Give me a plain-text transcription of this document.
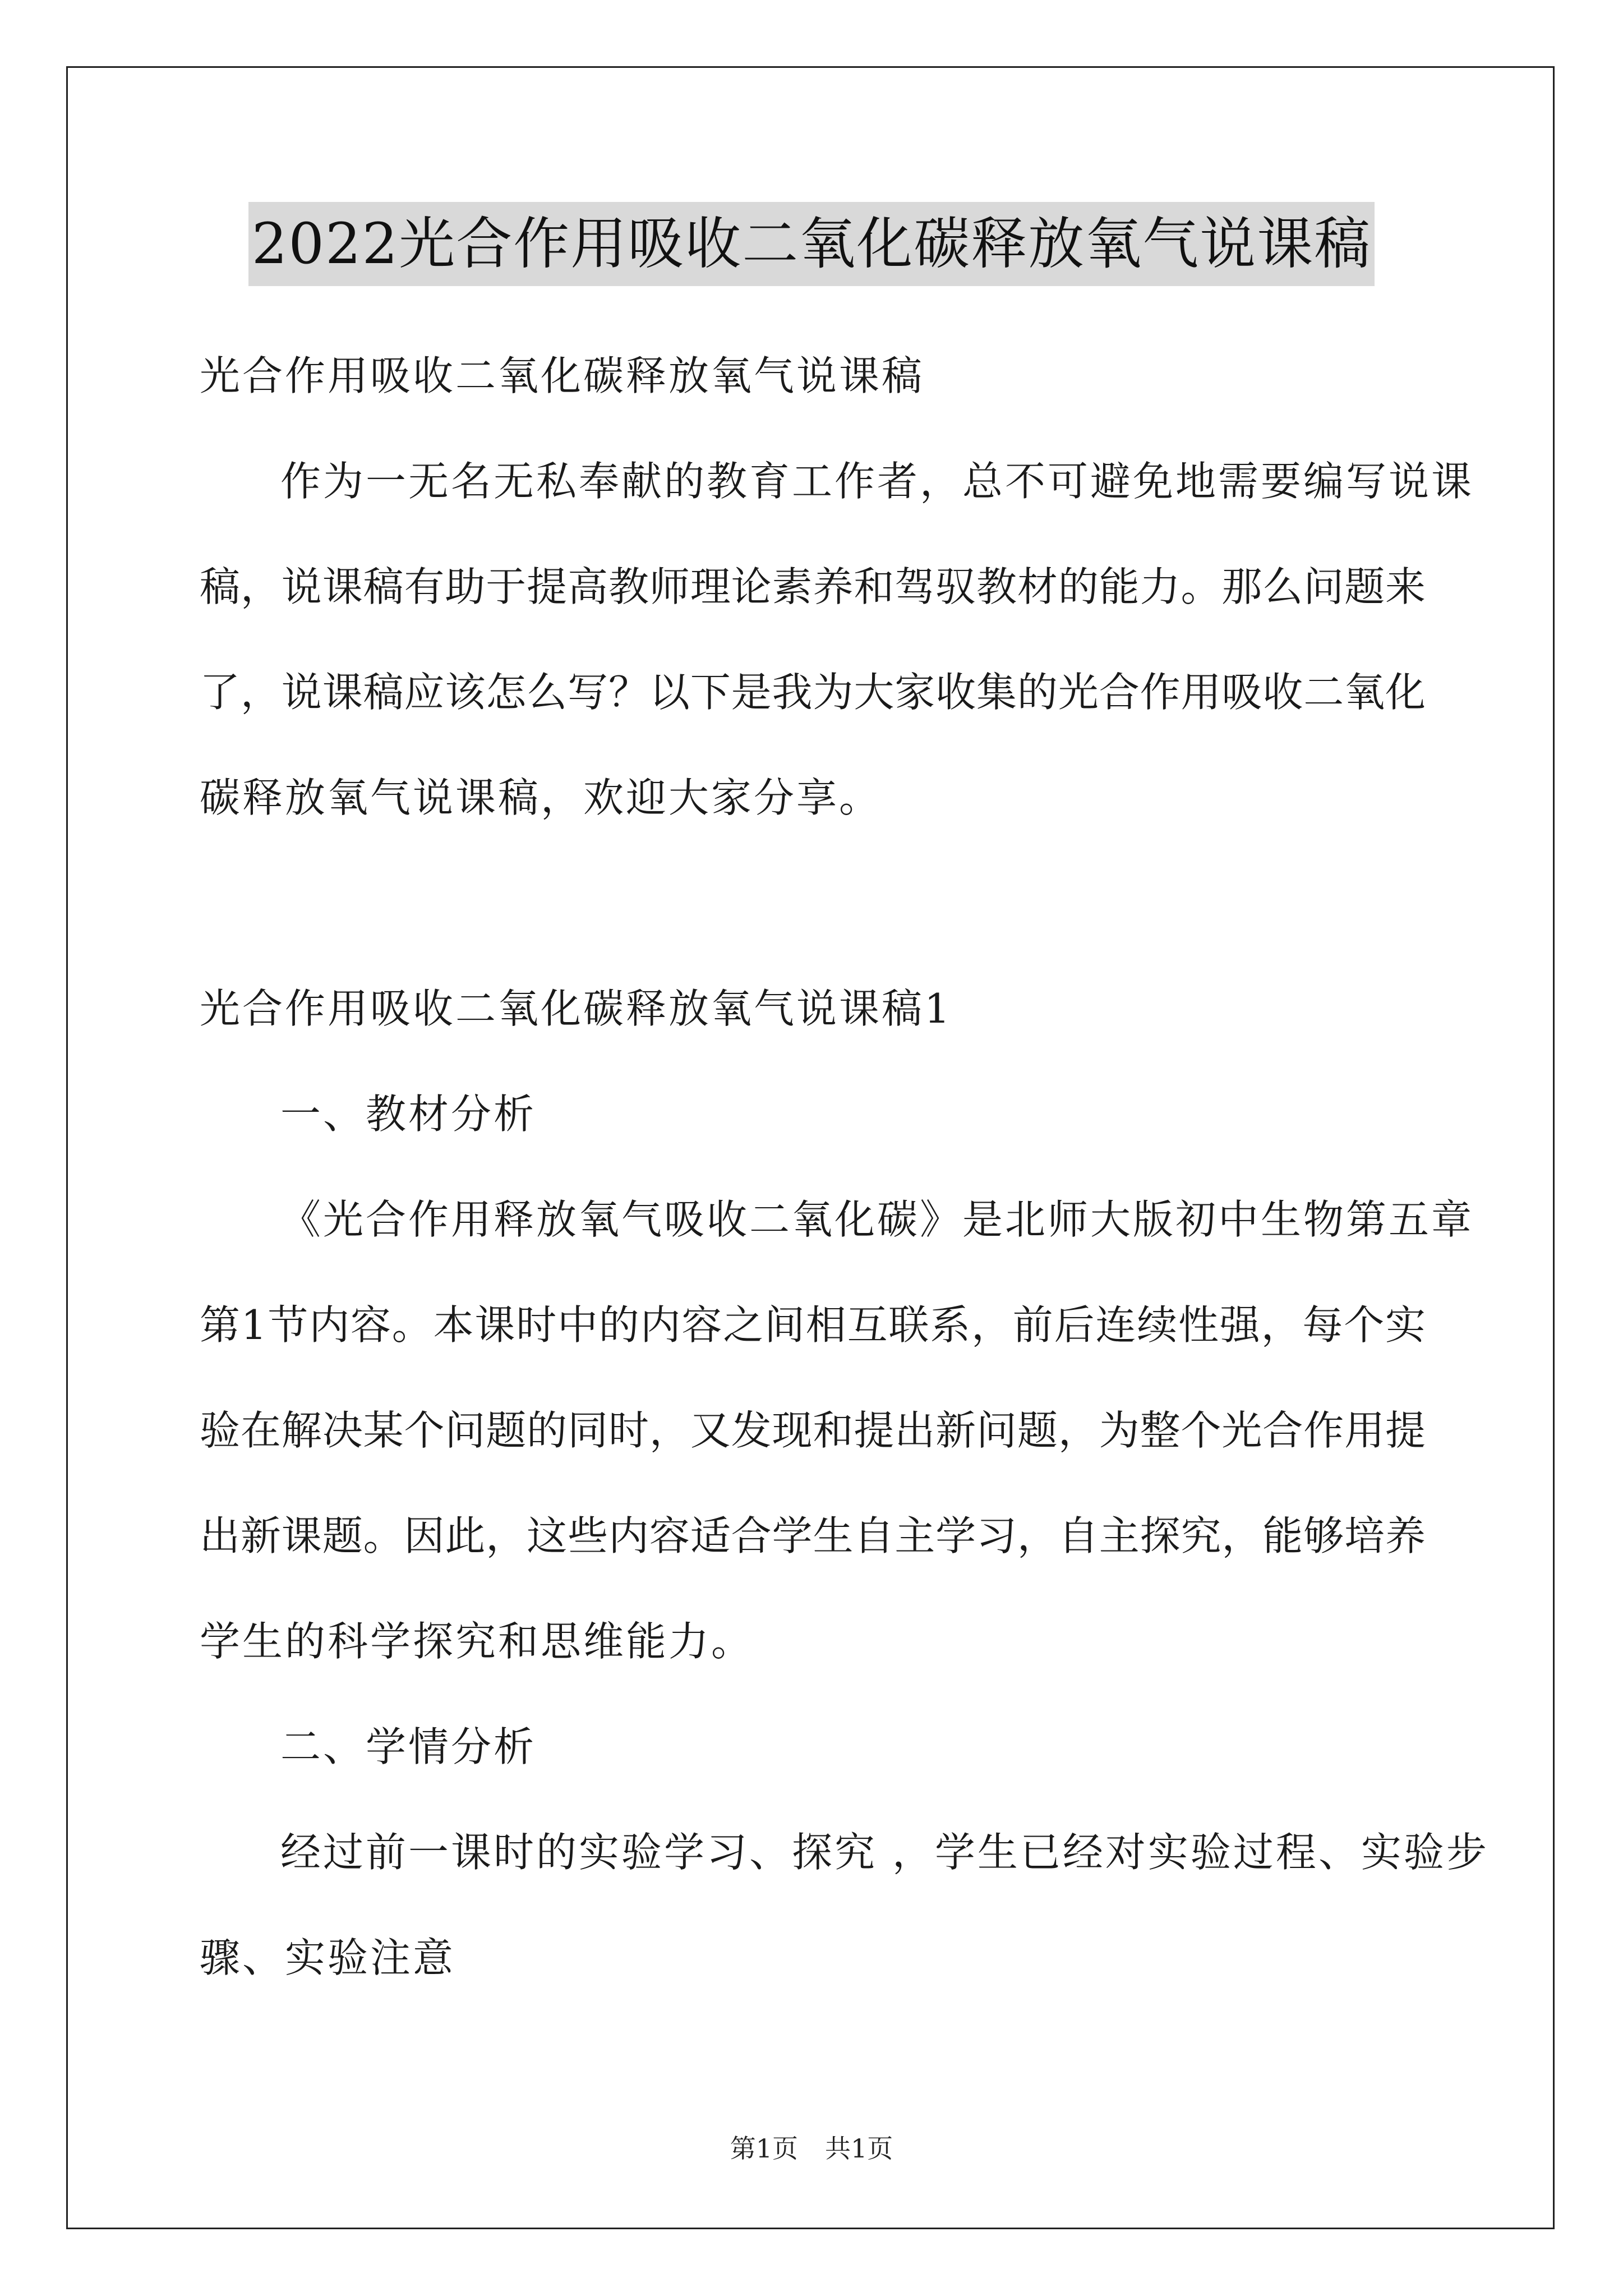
2022光合作用吸收二氧化碳释放氧气说课稿

光合作用吸收二氧化碳释放氧气说课稿

作为一无名无私奉献的教育工作者，总不可避免地需要编写说课

稿，说课稿有助于提高教师理论素养和驾驭教材的能力。那么问题来

了，说课稿应该怎么写？以下是我为大家收集的光合作用吸收二氧化

碳释放氧气说课稿，欢迎大家分享。

光合作用吸收二氧化碳释放氧气说课稿1

一、教材分析

《光合作用释放氧气吸收二氧化碳》是北师大版初中生物第五章

第1节内容。本课时中的内容之间相互联系，前后连续性强，每个实

验在解决某个问题的同时，又发现和提出新问题，为整个光合作用提

出新课题。因此，这些内容适合学生自主学习，自主探究，能够培养

学生的科学探究和思维能力。

二、学情分析

经过前一课时的实验学习、探究 ，学生已经对实验过程、实验步

骤、实验注意

第1页 共1页
